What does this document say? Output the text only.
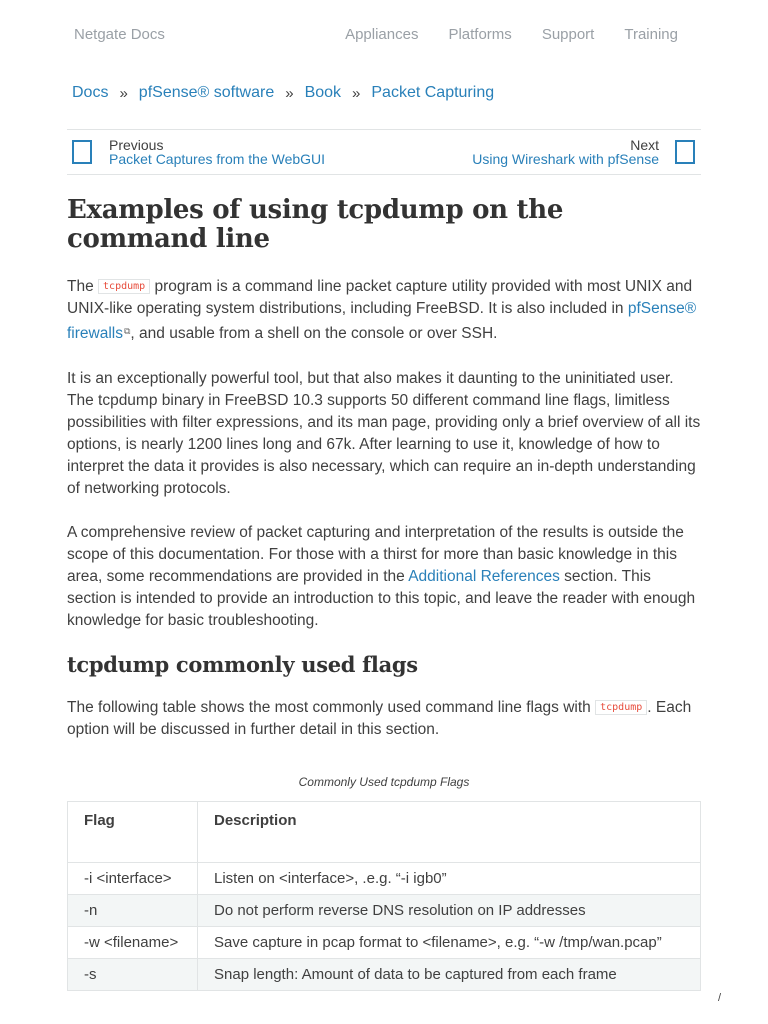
Netgate Docs	Appliances Platforms Support Training
Docs » pfSense® software » Book » Packet Capturing
Previous
Packet Captures from the WebGUI
Next
Using Wireshark with pfSense
Examples of using tcpdump on the command line

The tcpdump program is a command line packet capture utility provided with most UNIX and UNIX-like operating system distributions, including FreeBSD. It is also included in pfSense® firewalls⧉, and usable from a shell on the console or over SSH.

It is an exceptionally powerful tool, but that also makes it daunting to the uninitiated user. The tcpdump binary in FreeBSD 10.3 supports 50 different command line flags, limitless possibilities with filter expressions, and its man page, providing only a brief overview of all its options, is nearly 1200 lines long and 67k. After learning to use it, knowledge of how to interpret the data it provides is also necessary, which can require an in-depth understanding of networking protocols.

A comprehensive review of packet capturing and interpretation of the results is outside the scope of this documentation. For those with a thirst for more than basic knowledge in this area, some recommendations are provided in the Additional References section. This section is intended to provide an introduction to this topic, and leave the reader with enough knowledge for basic troubleshooting.

tcpdump commonly used flags

The following table shows the most commonly used command line flags with tcpdump . Each option will be discussed in further detail in this section.

Commonly Used tcpdump Flags
Flag	Description
-i <interface>	Listen on <interface>, .e.g. “-i igb0”
-n	Do not perform reverse DNS resolution on IP addresses
-w <filename>	Save capture in pcap format to <filename>, e.g. “-w /tmp/wan.pcap”
-s	Snap length: Amount of data to be captured from each frame
/
